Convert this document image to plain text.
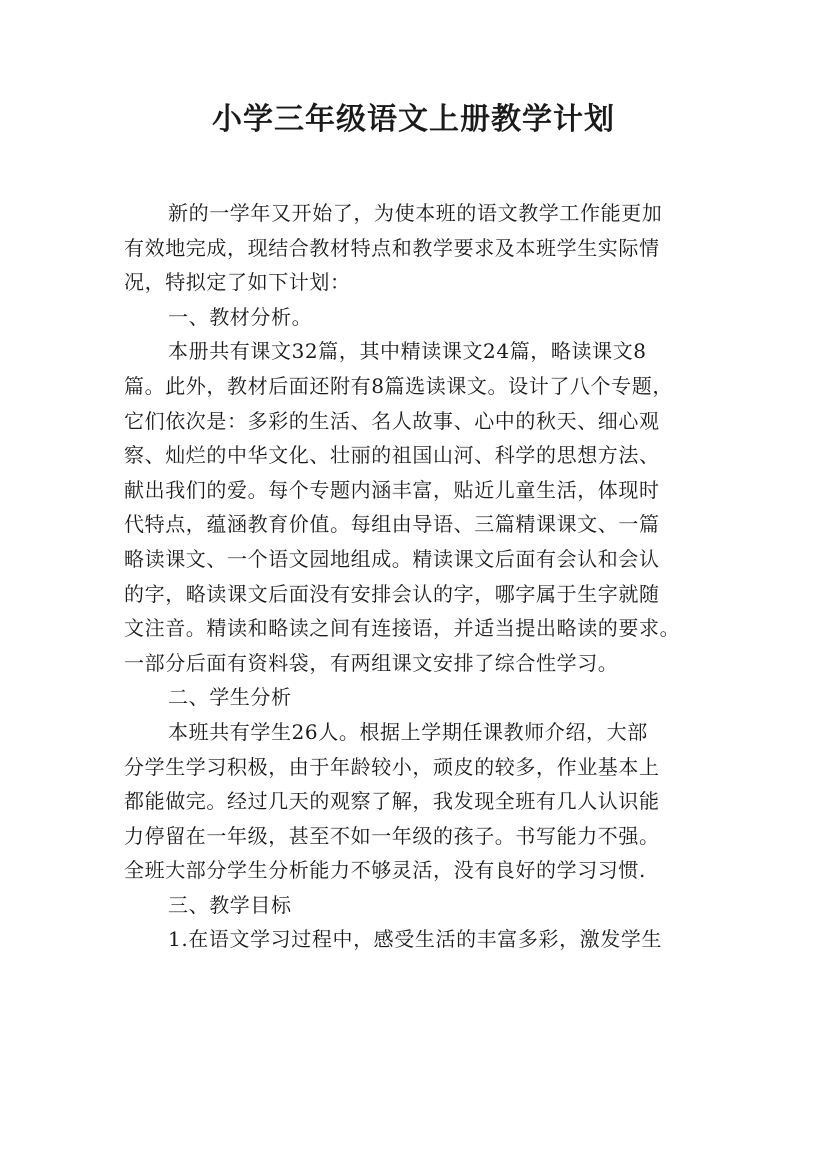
小学三年级语文上册教学计划
新的一学年又开始了，为使本班的语文教学工作能更加
有效地完成，现结合教材特点和教学要求及本班学生实际情
况，特拟定了如下计划：
一、教材分析。
本册共有课文32篇，其中精读课文24篇，略读课文8
篇。此外，教材后面还附有8篇选读课文。设计了八个专题，
它们依次是：多彩的生活、名人故事、心中的秋天、细心观
察、灿烂的中华文化、壮丽的祖国山河、科学的思想方法、
献出我们的爱。每个专题内涵丰富，贴近儿童生活，体现时
代特点，蕴涵教育价值。每组由导语、三篇精课课文、一篇
略读课文、一个语文园地组成。精读课文后面有会认和会认
的字，略读课文后面没有安排会认的字，哪字属于生字就随
文注音。精读和略读之间有连接语，并适当提出略读的要求。
一部分后面有资料袋，有两组课文安排了综合性学习。
二、学生分析
本班共有学生26人。根据上学期任课教师介绍，大部
分学生学习积极，由于年龄较小，顽皮的较多，作业基本上
都能做完。经过几天的观察了解，我发现全班有几人认识能
力停留在一年级，甚至不如一年级的孩子。书写能力不强。
全班大部分学生分析能力不够灵活，没有良好的学习习惯.
三、教学目标
1.在语文学习过程中，感受生活的丰富多彩，激发学生
